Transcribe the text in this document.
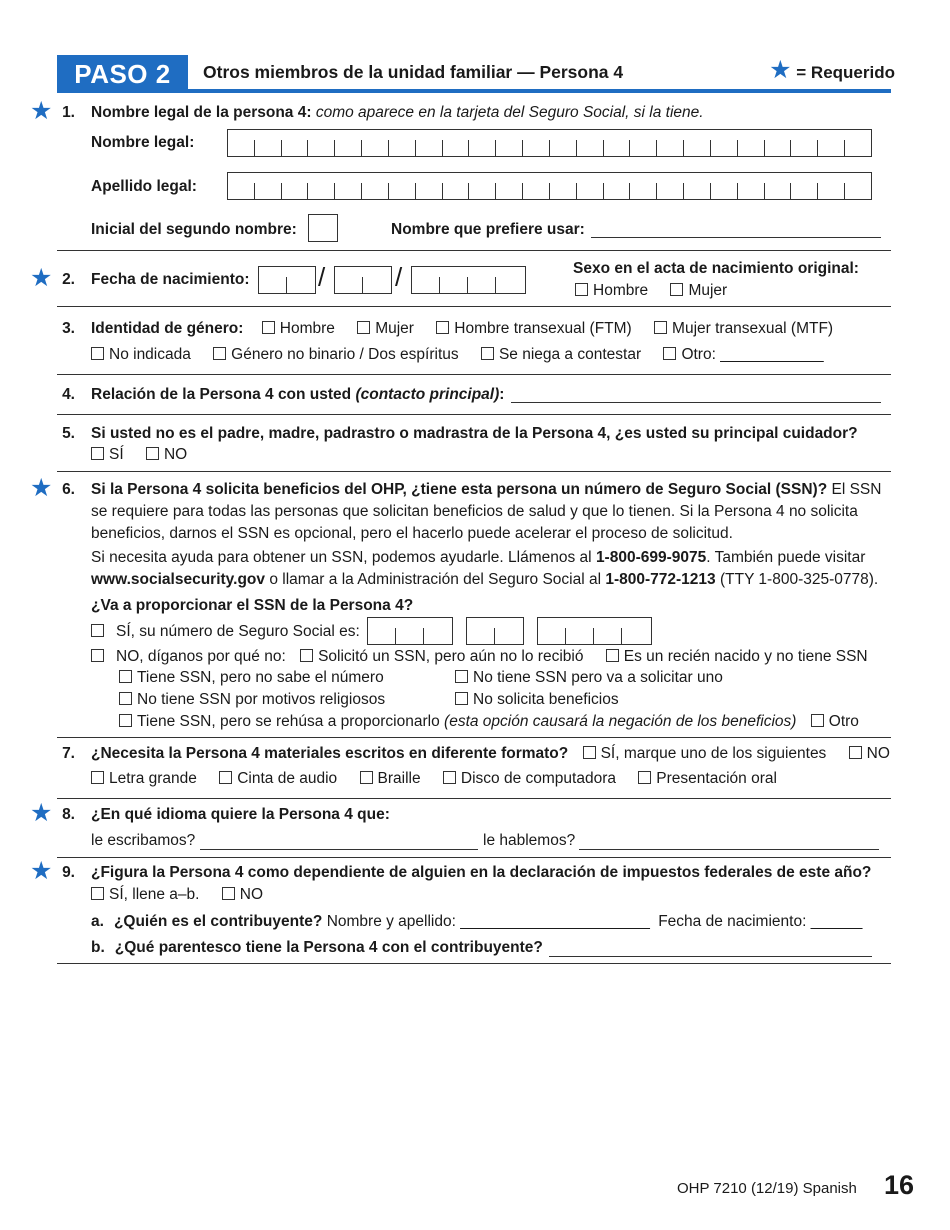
PASO 2	Otros miembros de la unidad familiar — Persona 4	★ = Requerido
★ 1. Nombre legal de la persona 4: como aparece en la tarjeta del Seguro Social, si la tiene.
Nombre legal:
Apellido legal:
Inicial del segundo nombre:	Nombre que prefiere usar:
★ 2. Fecha de nacimiento:	/	/	Sexo en el acta de nacimiento original:
Hombre	Mujer
3. Identidad de género: Hombre	Mujer	Hombre transexual (FTM)	Mujer transexual (MTF)
No indicada	Género no binario / Dos espíritus	Se niega a contestar	Otro: ____________
4. Relación de la Persona 4 con usted (contacto principal):
5. Si usted no es el padre, madre, padrastro o madrastra de la Persona 4, ¿es usted su principal cuidador?
SÍ	NO
★ 6. Si la Persona 4 solicita beneficios del OHP, ¿tiene esta persona un número de Seguro Social (SSN)? El SSN
se requiere para todas las personas que solicitan beneficios de salud y que lo tienen. Si la Persona 4 no solicita
beneficios, darnos el SSN es opcional, pero el hacerlo puede acelerar el proceso de solicitud.
Si necesita ayuda para obtener un SSN, podemos ayudarle. Llámenos al 1-800-699-9075. También puede visitar
www.socialsecurity.gov o llamar a la Administración del Seguro Social al 1-800-772-1213 (TTY 1-800-325-0778).
¿Va a proporcionar el SSN de la Persona 4?
SÍ, su número de Seguro Social es:
NO, díganos por qué no: Solicitó un SSN, pero aún no lo recibió	Es un recién nacido y no tiene SSN
Tiene SSN, pero no sabe el número	No tiene SSN pero va a solicitar uno
No tiene SSN por motivos religiosos	No solicita beneficios
Tiene SSN, pero se rehúsa a proporcionarlo (esta opción causará la negación de los beneficios) Otro
7. ¿Necesita la Persona 4 materiales escritos en diferente formato? SÍ, marque uno de los siguientes	NO
Letra grande	Cinta de audio	Braille	Disco de computadora	Presentación oral
★ 8. ¿En qué idioma quiere la Persona 4 que:
le escribamos?	le hablemos?
★ 9. ¿Figura la Persona 4 como dependiente de alguien en la declaración de impuestos federales de este año?
SÍ, llene a–b.	NO
a. ¿Quién es el contribuyente? Nombre y apellido: ______________________ Fecha de nacimiento: ______
b. ¿Qué parentesco tiene la Persona 4 con el contribuyente?
OHP 7210 (12/19) Spanish 16
